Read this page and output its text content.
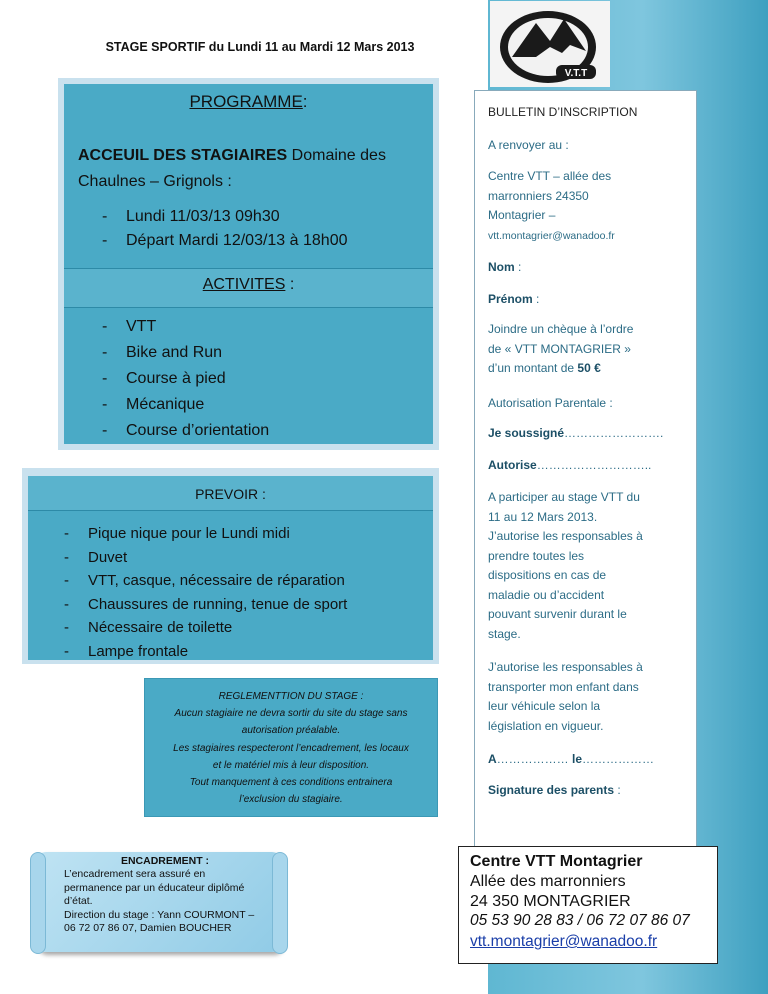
STAGE SPORTIF du Lundi 11 au Mardi 12 Mars 2013
PROGRAMME:
ACCEUIL DES STAGIAIRES Domaine des Chaulnes – Grignols :
- Lundi 11/03/13 09h30
- Départ Mardi 12/03/13 à 18h00
ACTIVITES :
- VTT
- Bike and Run
- Course à pied
- Mécanique
- Course d’orientation
PREVOIR :
- Pique nique pour le Lundi midi
- Duvet
- VTT, casque, nécessaire de réparation
- Chaussures de running, tenue de sport
- Nécessaire de toilette
- Lampe frontale
REGLEMENTTION DU STAGE :
Aucun stagiaire ne devra sortir du site du stage sans
autorisation préalable.
Les stagiaires respecteront l’encadrement, les locaux
et le matériel mis à leur disposition.
Tout manquement à ces conditions entrainera
l’exclusion du stagiaire.
ENCADREMENT :
L’encadrement sera assuré en
permanence par un éducateur diplômé
d’état.
Direction du stage : Yann COURMONT –
06 72 07 86 07, Damien BOUCHER
V.T.T
BULLETIN D’INSCRIPTION
A renvoyer au :
Centre VTT – allée des
marronniers 24350
Montagrier –
vtt.montagrier@wanadoo.fr
Nom :
Prénom :
Joindre un chèque à l’ordre
de « VTT MONTAGRIER »
d’un montant de 50 €
Autorisation Parentale :
Je soussigné…………………….
Autorise………………………..
A participer au stage VTT du
11 au 12 Mars 2013.
J’autorise les responsables à
prendre toutes les
dispositions en cas de
maladie ou d’accident
pouvant survenir durant le
stage.
J’autorise les responsables à
transporter mon enfant dans
leur véhicule selon la
législation en vigueur.
A……………… le………………
Signature des parents :
Centre VTT Montagrier
Allée des marronniers
24 350 MONTAGRIER
05 53 90 28 83 / 06 72 07 86 07
vtt.montagrier@wanadoo.fr
